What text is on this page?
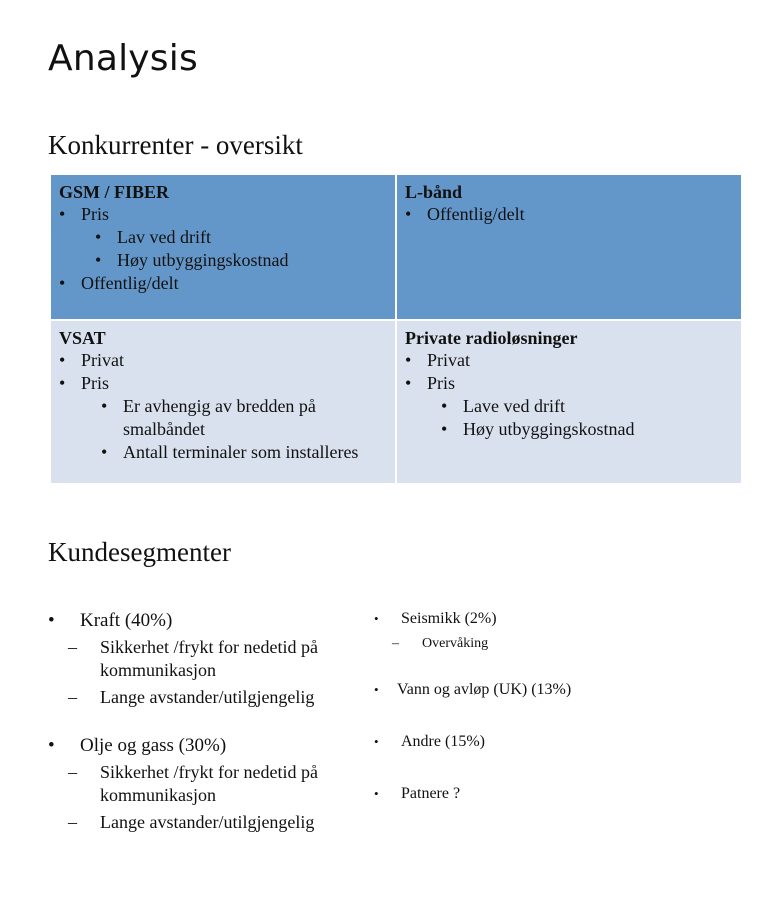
Analysis
Konkurrenter - oversikt
GSM / FIBER
• Pris
• Lav ved drift
• Høy utbyggingskostnad
• Offentlig/delt
L-bånd
• Offentlig/delt
VSAT
• Privat
• Pris
• Er avhengig av bredden på smalbåndet
• Antall terminaler som installeres
Private radioløsninger
• Privat
• Pris
• Lave ved drift
• Høy utbyggingskostnad
Kundesegmenter
• Kraft (40%)
– Sikkerhet /frykt for nedetid på kommunikasjon
– Lange avstander/utilgjengelig
• Olje og gass (30%)
– Sikkerhet /frykt for nedetid på kommunikasjon
– Lange avstander/utilgjengelig
• Seismikk (2%)
– Overvåking
• Vann og avløp (UK) (13%)
• Andre (15%)
• Patnere ?
